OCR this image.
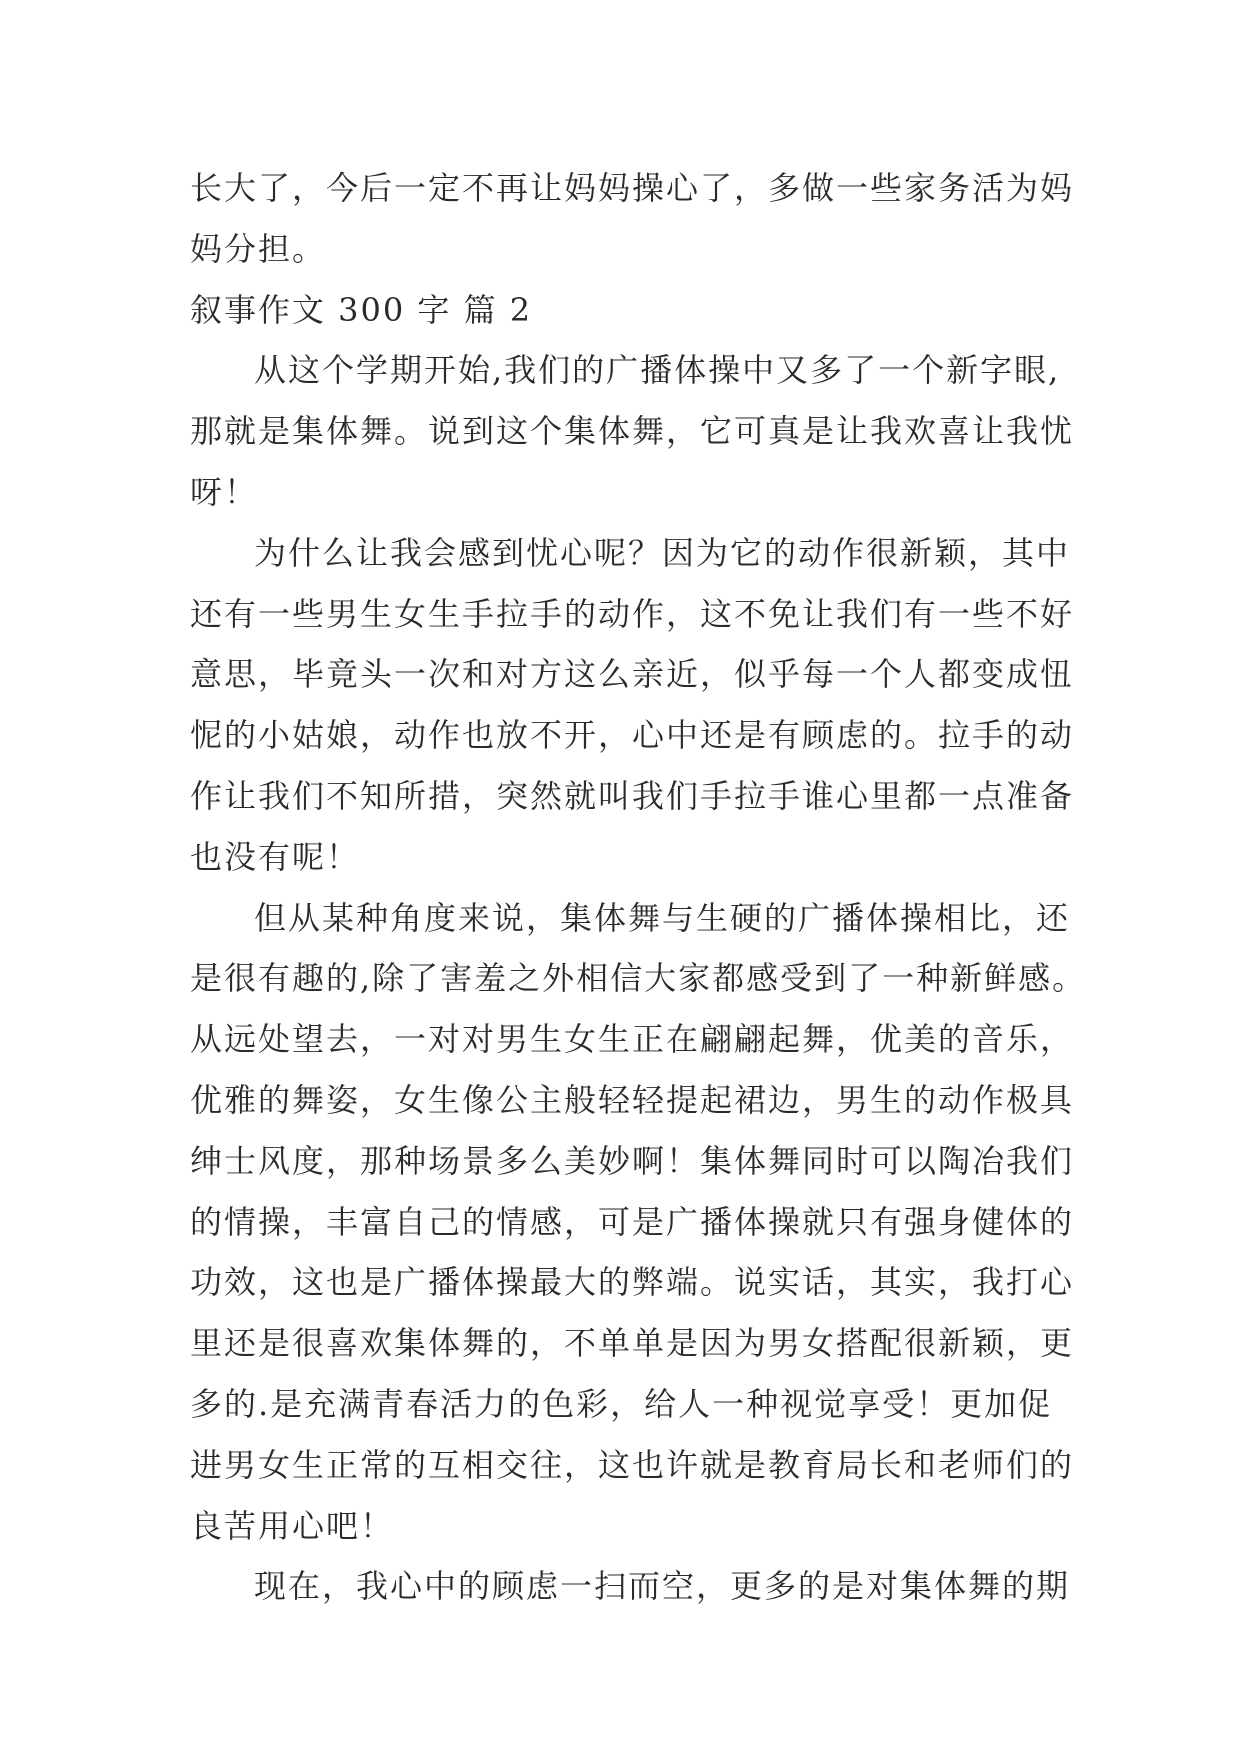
长大了，今后一定不再让妈妈操心了，多做一些家务活为妈
妈分担。
叙事作文 300 字 篇 2
从这个学期开始,我们的广播体操中又多了一个新字眼,
那就是集体舞。说到这个集体舞，它可真是让我欢喜让我忧
呀！
为什么让我会感到忧心呢？因为它的动作很新颖，其中
还有一些男生女生手拉手的动作，这不免让我们有一些不好
意思，毕竟头一次和对方这么亲近，似乎每一个人都变成忸
怩的小姑娘，动作也放不开，心中还是有顾虑的。拉手的动
作让我们不知所措，突然就叫我们手拉手谁心里都一点准备
也没有呢！
但从某种角度来说，集体舞与生硬的广播体操相比，还
是很有趣的,除了害羞之外相信大家都感受到了一种新鲜感。
从远处望去，一对对男生女生正在翩翩起舞，优美的音乐，
优雅的舞姿，女生像公主般轻轻提起裙边，男生的动作极具
绅士风度，那种场景多么美妙啊！集体舞同时可以陶冶我们
的情操，丰富自己的情感，可是广播体操就只有强身健体的
功效，这也是广播体操最大的弊端。说实话，其实，我打心
里还是很喜欢集体舞的，不单单是因为男女搭配很新颖，更
多的.是充满青春活力的色彩，给人一种视觉享受！更加促
进男女生正常的互相交往，这也许就是教育局长和老师们的
良苦用心吧！
现在，我心中的顾虑一扫而空，更多的是对集体舞的期
